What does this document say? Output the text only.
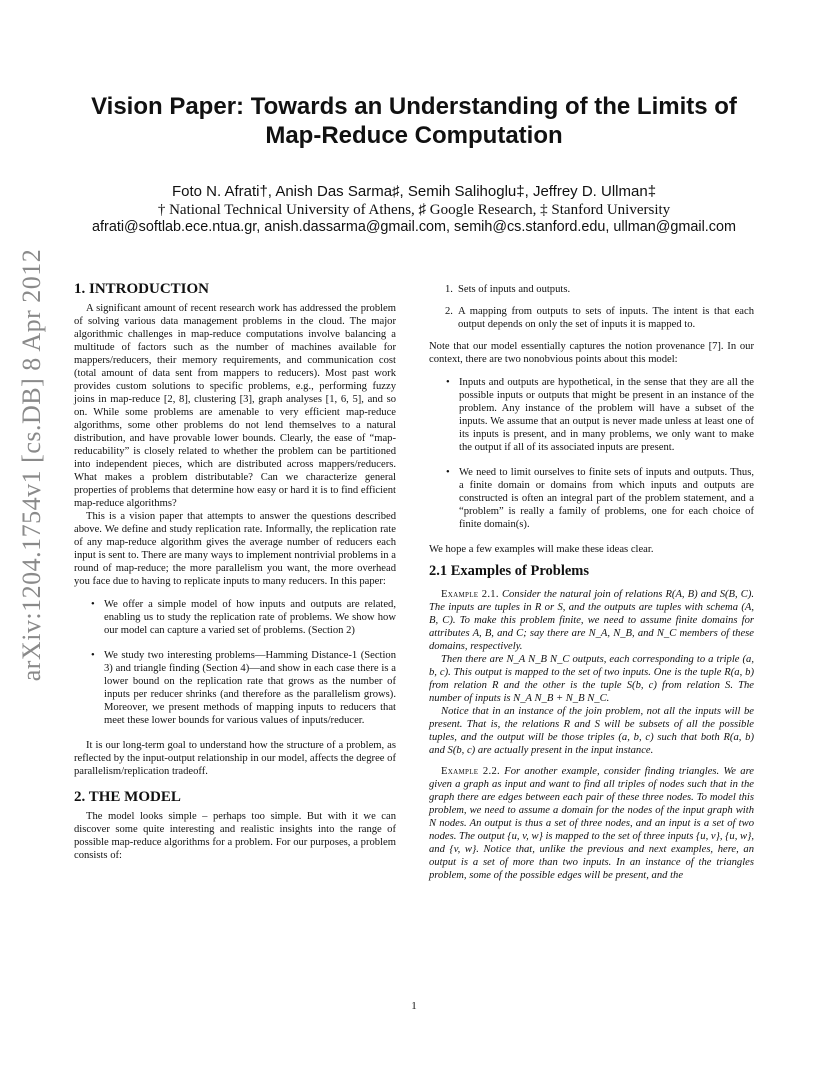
arXiv:1204.1754v1 [cs.DB] 8 Apr 2012
Vision Paper: Towards an Understanding of the Limits of Map-Reduce Computation
Foto N. Afrati†, Anish Das Sarma♯, Semih Salihoglu‡, Jeffrey D. Ullman‡
† National Technical University of Athens, ♯ Google Research, ‡ Stanford University
afrati@softlab.ece.ntua.gr, anish.dassarma@gmail.com, semih@cs.stanford.edu, ullman@gmail.com
1. INTRODUCTION

A significant amount of recent research work has addressed the problem of solving various data management problems in the cloud. The major algorithmic challenges in map-reduce computations involve balancing a multitude of factors such as the number of machines available for mappers/reducers, their memory requirements, and communication cost (total amount of data sent from mappers to reducers). Most past work provides custom solutions to specific problems, e.g., performing fuzzy joins in map-reduce [2, 8], clustering [3], graph analyses [1, 6, 5], and so on. While some problems are amenable to very efficient map-reduce algorithms, some other problems do not lend themselves to a natural distribution, and have provable lower bounds. Clearly, the ease of “map-reducability” is closely related to whether the problem can be partitioned into independent pieces, which are distributed across mappers/reducers. What makes a problem distributable? Can we characterize general properties of problems that determine how easy or hard it is to find efficient map-reduce algorithms?

This is a vision paper that attempts to answer the questions described above. We define and study replication rate. Informally, the replication rate of any map-reduce algorithm gives the average number of reducers each input is sent to. There are many ways to implement nontrivial problems in a round of map-reduce; the more parallelism you want, the more overhead you face due to having to replicate inputs to many reducers. In this paper:

• We offer a simple model of how inputs and outputs are related, enabling us to study the replication rate of problems. We show how our model can capture a varied set of problems. (Section 2)
• We study two interesting problems—Hamming Distance-1 (Section 3) and triangle finding (Section 4)—and show in each case there is a lower bound on the replication rate that grows as the number of inputs per reducer shrinks (and therefore as the parallelism grows). Moreover, we present methods of mapping inputs to reducers that meet these lower bounds for various values of inputs/reducer.

It is our long-term goal to understand how the structure of a problem, as reflected by the input-output relationship in our model, affects the degree of parallelism/replication tradeoff.

2. THE MODEL

The model looks simple – perhaps too simple. But with it we can discover some quite interesting and realistic insights into the range of possible map-reduce algorithms for a problem. For our purposes, a problem consists of:

1. Sets of inputs and outputs.
2. A mapping from outputs to sets of inputs. The intent is that each output depends on only the set of inputs it is mapped to.

Note that our model essentially captures the notion provenance [7]. In our context, there are two nonobvious points about this model:

• Inputs and outputs are hypothetical, in the sense that they are all the possible inputs or outputs that might be present in an instance of the problem. Any instance of the problem will have a subset of the inputs. We assume that an output is never made unless at least one of its inputs is present, and in many problems, we only want to make the output if all of its associated inputs are present.
• We need to limit ourselves to finite sets of inputs and outputs. Thus, a finite domain or domains from which inputs and outputs are constructed is often an integral part of the problem statement, and a “problem” is really a family of problems, one for each choice of finite domain(s).

We hope a few examples will make these ideas clear.

2.1 Examples of Problems

Example 2.1. Consider the natural join of relations R(A, B) and S(B, C). The inputs are tuples in R or S, and the outputs are tuples with schema (A, B, C). To make this problem finite, we need to assume finite domains for attributes A, B, and C; say there are N_A, N_B, and N_C members of these domains, respectively.

Then there are N_A N_B N_C outputs, each corresponding to a triple (a, b, c). This output is mapped to the set of two inputs. One is the tuple R(a, b) from relation R and the other is the tuple S(b, c) from relation S. The number of inputs is N_A N_B + N_B N_C.

Notice that in an instance of the join problem, not all the inputs will be present. That is, the relations R and S will be subsets of all the possible tuples, and the output will be those triples (a, b, c) such that both R(a, b) and S(b, c) are actually present in the input instance.

Example 2.2. For another example, consider finding triangles. We are given a graph as input and want to find all triples of nodes such that in the graph there are edges between each pair of these three nodes. To model this problem, we need to assume a domain for the nodes of the input graph with N nodes. An output is thus a set of three nodes, and an input is a set of two nodes. The output {u, v, w} is mapped to the set of three inputs {u, v}, {u, w}, and {v, w}. Notice that, unlike the previous and next examples, here, an output is a set of more than two inputs. In an instance of the triangles problem, some of the possible edges will be present, and the

1
